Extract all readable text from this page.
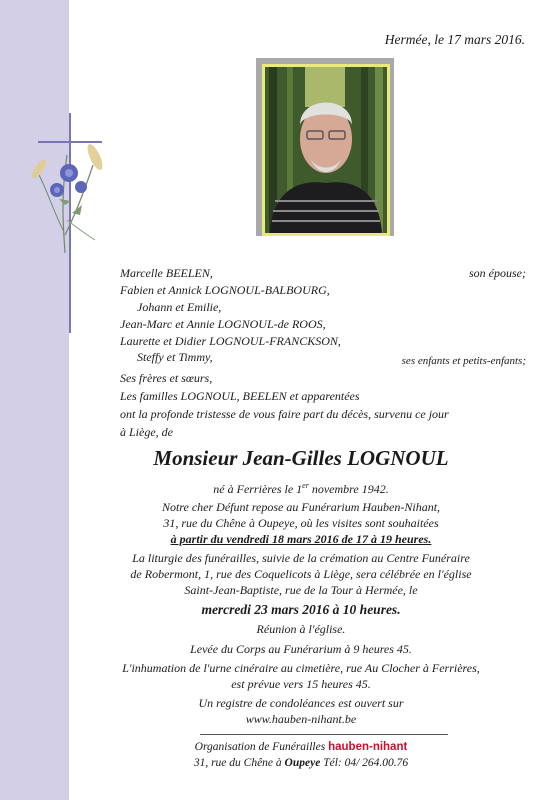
Hermée, le 17 mars 2016.
Marcelle BEELEN,	son épouse;
Fabien et Annick LOGNOUL-BALBOURG,
Johann et Emilie,
Jean-Marc et Annie LOGNOUL-de ROOS,
Laurette et Didier LOGNOUL-FRANCKSON,
Steffy et Timmy,	ses enfants et petits-enfants;
Ses frères et sœurs,
Les familles LOGNOUL, BEELEN et apparentées
ont la profonde tristesse de vous faire part du décès, survenu ce jour
à Liège, de
Monsieur Jean-Gilles LOGNOUL
né à Ferrières le 1er novembre 1942.
Notre cher Défunt repose au Funérarium Hauben-Nihant,
31, rue du Chêne à Oupeye, où les visites sont souhaitées
à partir du vendredi 18 mars 2016 de 17 à 19 heures.
La liturgie des funérailles, suivie de la crémation au Centre Funéraire
de Robermont, 1, rue des Coquelicots à Liège, sera célébrée en l'église
Saint-Jean-Baptiste, rue de la Tour à Hermée, le
mercredi 23 mars 2016 à 10 heures.
Réunion à l'église.
Levée du Corps au Funérarium à 9 heures 45.
L'inhumation de l'urne cinéraire au cimetière, rue Au Clocher à Ferrières,
est prévue vers 15 heures 45.
Un registre de condoléances est ouvert sur
www.hauben-nihant.be
Organisation de Funérailles hauben-nihant
31, rue du Chêne à Oupeye Tél: 04/ 264.00.76
